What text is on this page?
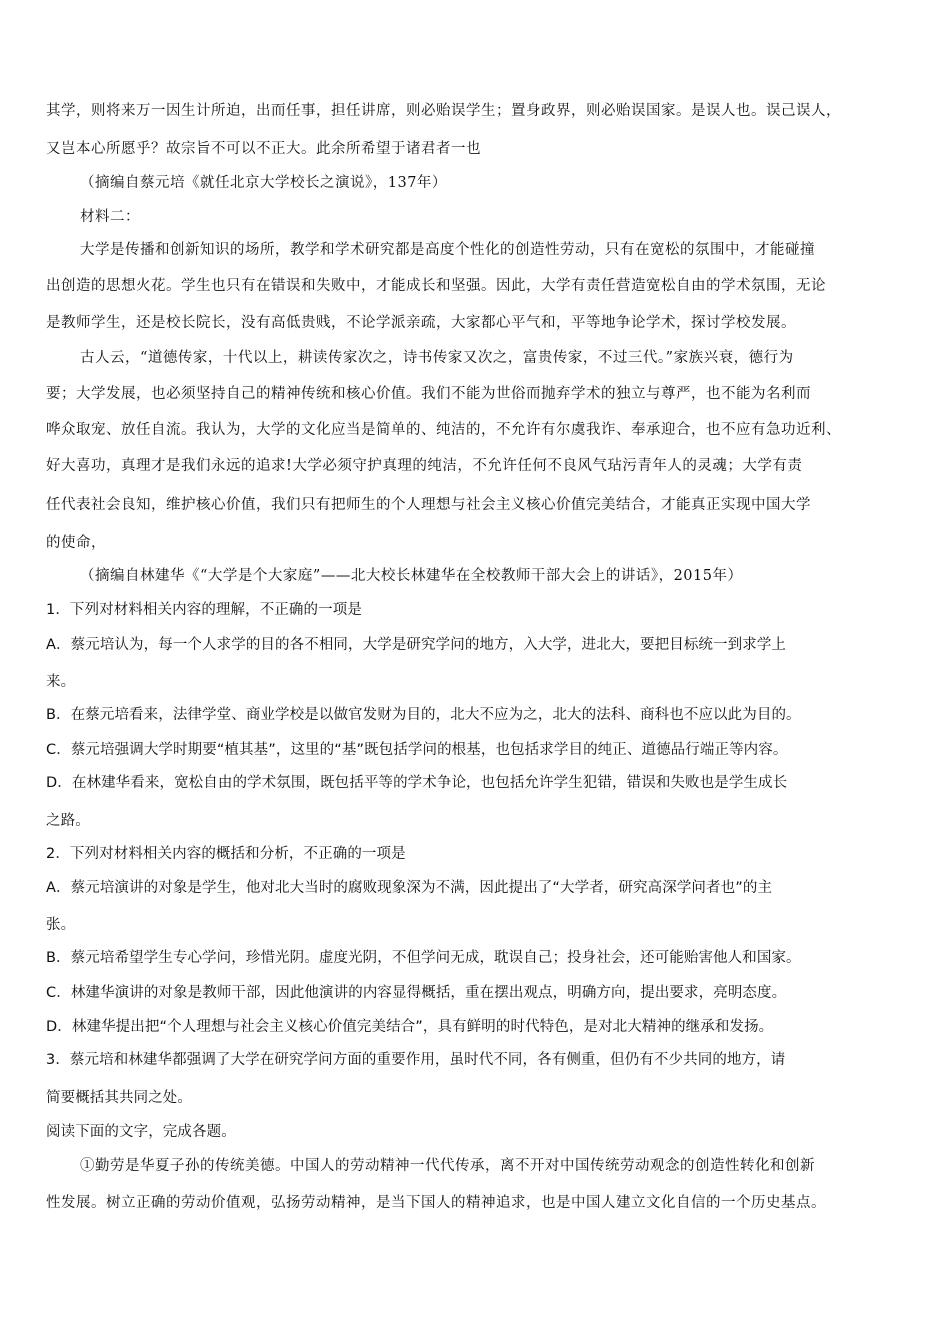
其学，则将来万一因生计所迫，出而任事，担任讲席，则必贻误学生；置身政界，则必贻误国家。是误人也。误己误人，
又岂本心所愿乎？故宗旨不可以不正大。此余所希望于诸君者一也
（摘编自蔡元培《就任北京大学校长之演说》，137年）
材料二：
大学是传播和创新知识的场所，教学和学术研究都是高度个性化的创造性劳动，只有在宽松的氛围中，才能碰撞
出创造的思想火花。学生也只有在错误和失败中，才能成长和坚强。因此，大学有责任营造宽松自由的学术氛围，无论
是教师学生，还是校长院长，没有高低贵贱，不论学派亲疏，大家都心平气和，平等地争论学术，探讨学校发展。
古人云，“道德传家，十代以上，耕读传家次之，诗书传家又次之，富贵传家，不过三代。”家族兴衰，德行为
要；大学发展，也必须坚持自己的精神传统和核心价值。我们不能为世俗而抛弃学术的独立与尊严，也不能为名利而
哗众取宠、放任自流。我认为，大学的文化应当是简单的、纯洁的，不允许有尔虞我诈、奉承迎合，也不应有急功近利、
好大喜功，真理才是我们永远的追求!大学必须守护真理的纯洁，不允许任何不良风气玷污青年人的灵魂；大学有责
任代表社会良知，维护核心价值，我们只有把师生的个人理想与社会主义核心价值完美结合，才能真正实现中国大学
的使命，
（摘编自林建华《“大学是个大家庭”——北大校长林建华在全校教师干部大会上的讲话》，2015年）
1．下列对材料相关内容的理解，不正确的一项是
A．蔡元培认为，每一个人求学的目的各不相同，大学是研究学问的地方，入大学，进北大，要把目标统一到求学上
来。
B．在蔡元培看来，法律学堂、商业学校是以做官发财为目的，北大不应为之，北大的法科、商科也不应以此为目的。
C．蔡元培强调大学时期要“植其基”，这里的“基”既包括学问的根基，也包括求学目的纯正、道德品行端正等内容。
D．在林建华看来，宽松自由的学术氛围，既包括平等的学术争论，也包括允许学生犯错，错误和失败也是学生成长
之路。
2．下列对材料相关内容的概括和分析，不正确的一项是
A．蔡元培演讲的对象是学生，他对北大当时的腐败现象深为不满，因此提出了“大学者，研究高深学问者也”的主
张。
B．蔡元培希望学生专心学问，珍惜光阴。虚度光阴，不但学问无成，耽误自己；投身社会，还可能贻害他人和国家。
C．林建华演讲的对象是教师干部，因此他演讲的内容显得概括，重在摆出观点，明确方向，提出要求，亮明态度。
D．林建华提出把“个人理想与社会主义核心价值完美结合”，具有鲜明的时代特色，是对北大精神的继承和发扬。
3．蔡元培和林建华都强调了大学在研究学问方面的重要作用，虽时代不同，各有侧重，但仍有不少共同的地方，请
简要概括其共同之处。
阅读下面的文字，完成各题。
①勤劳是华夏子孙的传统美德。中国人的劳动精神一代代传承，离不开对中国传统劳动观念的创造性转化和创新
性发展。树立正确的劳动价值观，弘扬劳动精神，是当下国人的精神追求，也是中国人建立文化自信的一个历史基点。
